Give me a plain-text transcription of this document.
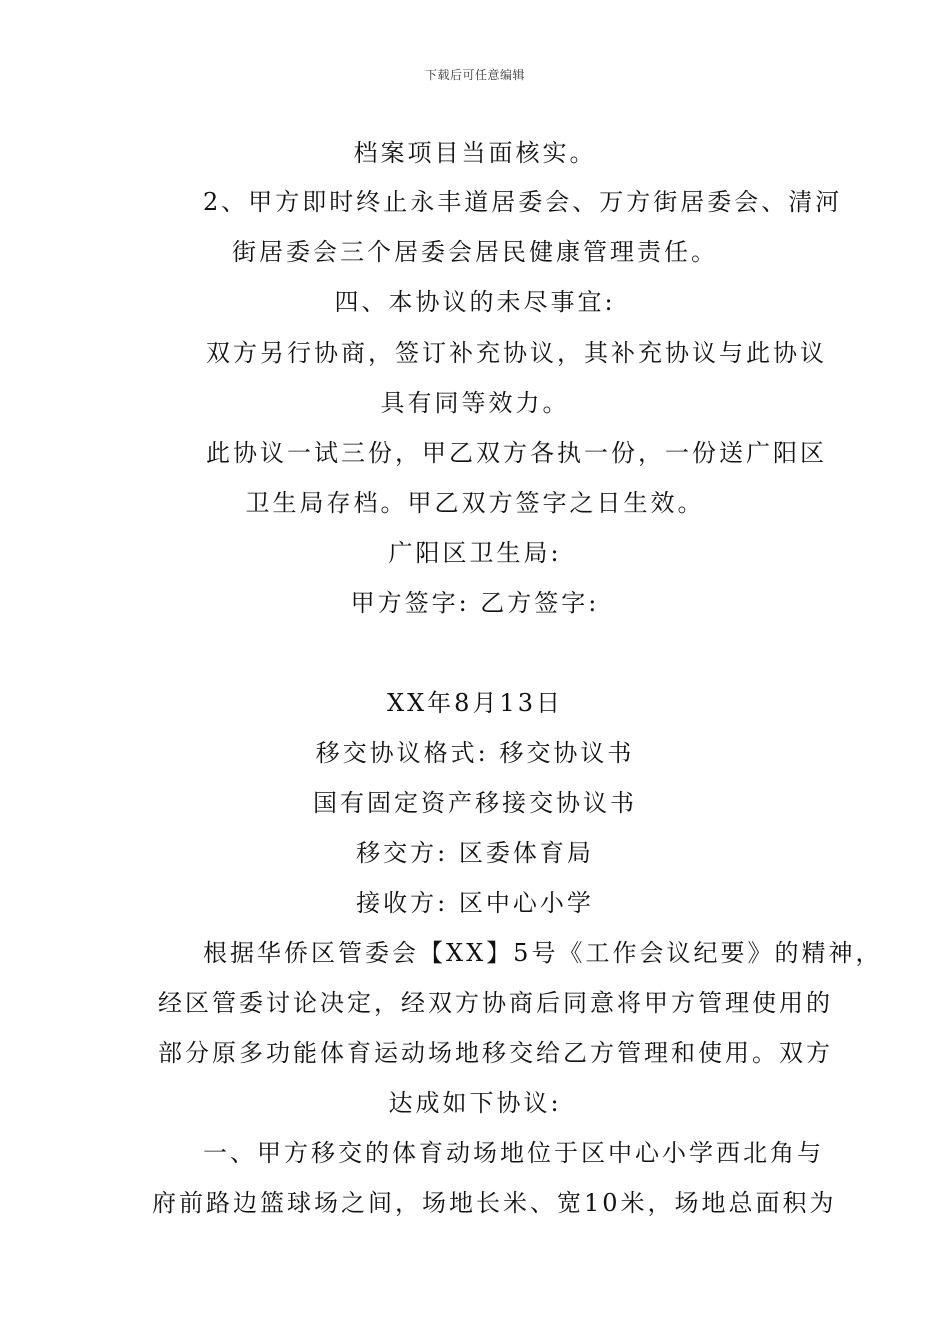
下载后可任意编辑
档案项目当面核实。
2、甲方即时终止永丰道居委会、万方街居委会、清河
街居委会三个居委会居民健康管理责任。
四、本协议的未尽事宜:
双方另行协商，签订补充协议，其补充协议与此协议
具有同等效力。
此协议一试三份，甲乙双方各执一份，一份送广阳区
卫生局存档。甲乙双方签字之日生效。
广阳区卫生局:
甲方签字: 乙方签字:
XX年8月13日
移交协议格式: 移交协议书
国有固定资产移接交协议书
移交方: 区委体育局
接收方: 区中心小学
根据华侨区管委会【XX】5号《工作会议纪要》的精神，
经区管委讨论决定，经双方协商后同意将甲方管理使用的
部分原多功能体育运动场地移交给乙方管理和使用。双方
达成如下协议:
一、甲方移交的体育动场地位于区中心小学西北角与
府前路边篮球场之间，场地长米、宽10米，场地总面积为
